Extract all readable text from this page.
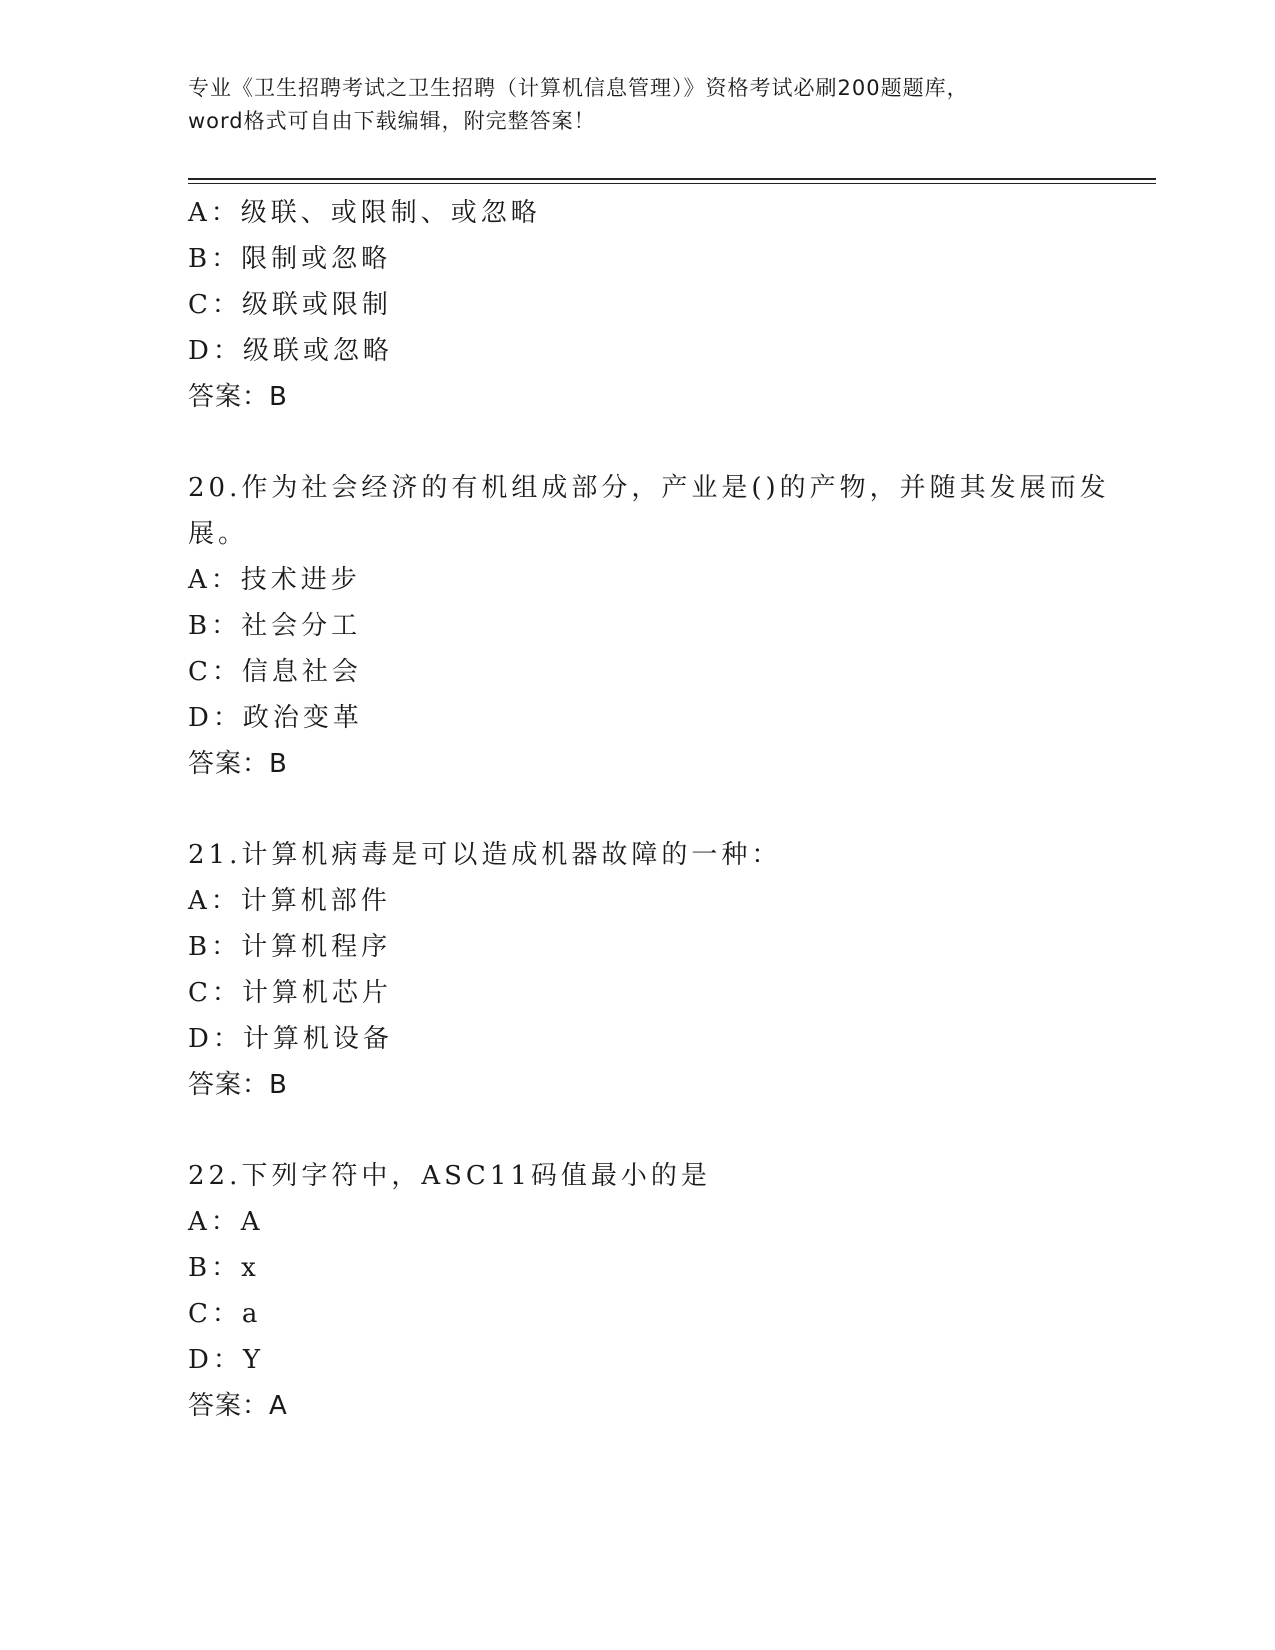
专业《卫生招聘考试之卫生招聘（计算机信息管理）》资格考试必刷200题题库，
word格式可自由下载编辑，附完整答案！
A：级联、或限制、或忽略
B：限制或忽略
C：级联或限制
D：级联或忽略
答案：B
20.作为社会经济的有机组成部分，产业是()的产物，并随其发展而发
展。
A：技术进步
B：社会分工
C：信息社会
D：政治变革
答案：B
21.计算机病毒是可以造成机器故障的一种：
A：计算机部件
B：计算机程序
C：计算机芯片
D：计算机设备
答案：B
22.下列字符中，ASC11码值最小的是
A：A
B：x
C：a
D：Y
答案：A
